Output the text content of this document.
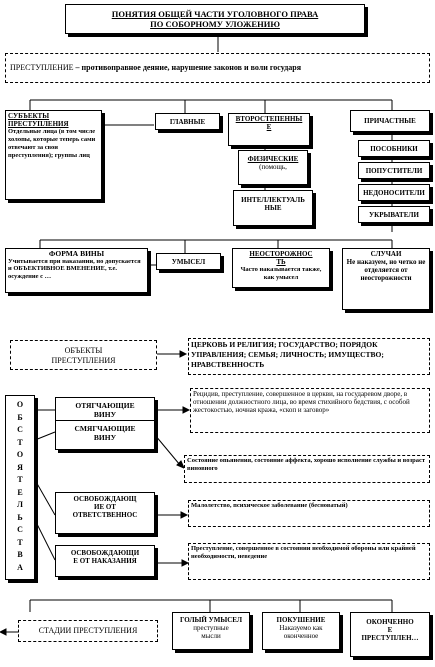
ПОНЯТИЯ ОБЩЕЙ ЧАСТИ УГОЛОВНОГО ПРАВА
ПО СОБОРНОМУ УЛОЖЕНИЮ
ПРЕСТУПЛЕНИЕ – противоправное деяние, нарушение законов и воли государя
СУБЪЕКТЫ
ПРЕСТУПЛЕНИЯ
Отдельные лица (в том числе холопы, которые теперь сами отвечают за свои преступления); группы лиц
ГЛАВНЫЕ	ВТОРОСТЕПЕННЫ
Е
ПРИЧАСТНЫЕ
ФИЗИЧЕСКИЕ
(помощь,
ИНТЕЛЛЕКТУАЛЬ
НЫЕ
ПОСОБНИКИ
ПОПУСТИТЕЛИ
НЕДОНОСИТЕЛИ
УКРЫВАТЕЛИ
ФОРМА ВИНЫ
Учитывается при наказании, но допускается и ОБЪЕКТИВНОЕ ВМЕНЕНИЕ, т.е. осуждение с …
УМЫСЕЛ
НЕОСТОРОЖНОС
ТЬ
Часто наказывается также, как умысел
СЛУЧАИ
Не наказуем, но четко не отделяется от неосторожности
ОБЪЕКТЫ
ПРЕСТУПЛЕНИЯ
ЦЕРКОВЬ И РЕЛИГИЯ; ГОСУДАРСТВО; ПОРЯДОК УПРАВЛЕНИЯ; СЕМЬЯ; ЛИЧНОСТЬ; ИМУЩЕСТВО; НРАВСТВЕННОСТЬ
О
Б
С
Т
О
Я
Т
Е
Л
Ь
С
Т
В
А
ОТЯГЧАЮЩИЕ
ВИНУ
Рецидив, преступление, совершенное в церкви, на государевом дворе, в отношении должностного лица, во время стихийного бедствия, с особой жестокостью, ночная кража, «скоп и заговор»
СМЯГЧАЮЩИЕ
ВИНУ
Состояние опьянения, состояние аффекта, хорошо исполнение службы и возраст виновного
ОСВОБОЖДАЮЩ
ИЕ ОТ
ОТВЕТСТВЕННОС
Малолетство, психическое заболевание (бесноватый)
ОСВОБОЖДАЮЩИ
Е ОТ НАКАЗАНИЯ
Преступление, совершенное в состоянии необходимой обороны или крайней необходимости, неведение
СТАДИИ ПРЕСТУПЛЕНИЯ
ГОЛЫЙ УМЫСЕЛ
преступные
мысли
ПОКУШЕНИЕ
Наказуемо как
оконченное
ОКОНЧЕННО
Е
ПРЕСТУПЛЕН…
